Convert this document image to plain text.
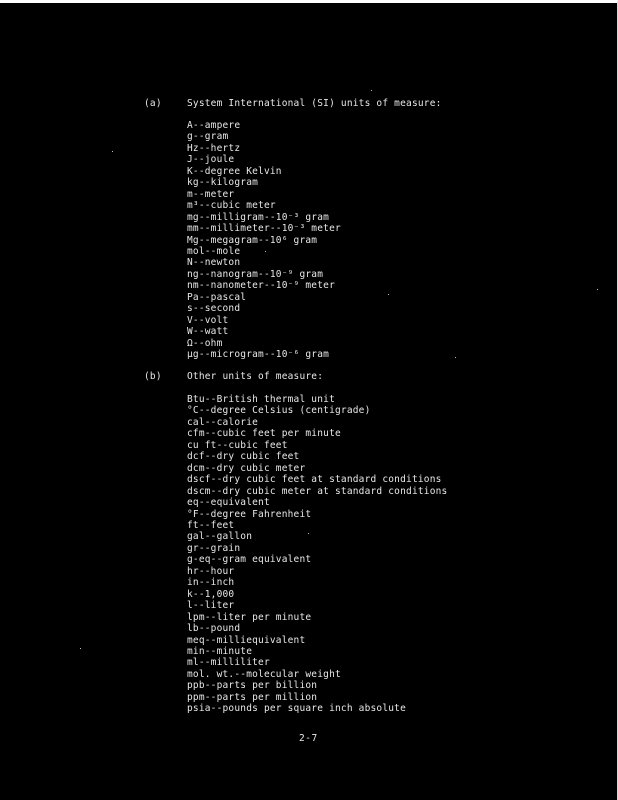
(a)	System International (SI) units of measure:
A--ampere
g--gram
Hz--hertz
J--joule
K--degree Kelvin
kg--kilogram
m--meter
m³--cubic meter
mg--milligram--10⁻³ gram
mm--millimeter--10⁻³ meter
Mg--megagram--10⁶ gram
mol--mole
N--newton
ng--nanogram--10⁻⁹ gram
nm--nanometer--10⁻⁹ meter
Pa--pascal
s--second
V--volt
W--watt
Ω--ohm
µg--microgram--10⁻⁶ gram
(b)	Other units of measure:
Btu--British thermal unit
°C--degree Celsius (centigrade)
cal--calorie
cfm--cubic feet per minute
cu ft--cubic feet
dcf--dry cubic feet
dcm--dry cubic meter
dscf--dry cubic feet at standard conditions
dscm--dry cubic meter at standard conditions
eq--equivalent
°F--degree Fahrenheit
ft--feet
gal--gallon
gr--grain
g-eq--gram equivalent
hr--hour
in--inch
k--1,000
l--liter
lpm--liter per minute
lb--pound
meq--milliequivalent
min--minute
ml--milliliter
mol. wt.--molecular weight
ppb--parts per billion
ppm--parts per million
psia--pounds per square inch absolute
2-7
